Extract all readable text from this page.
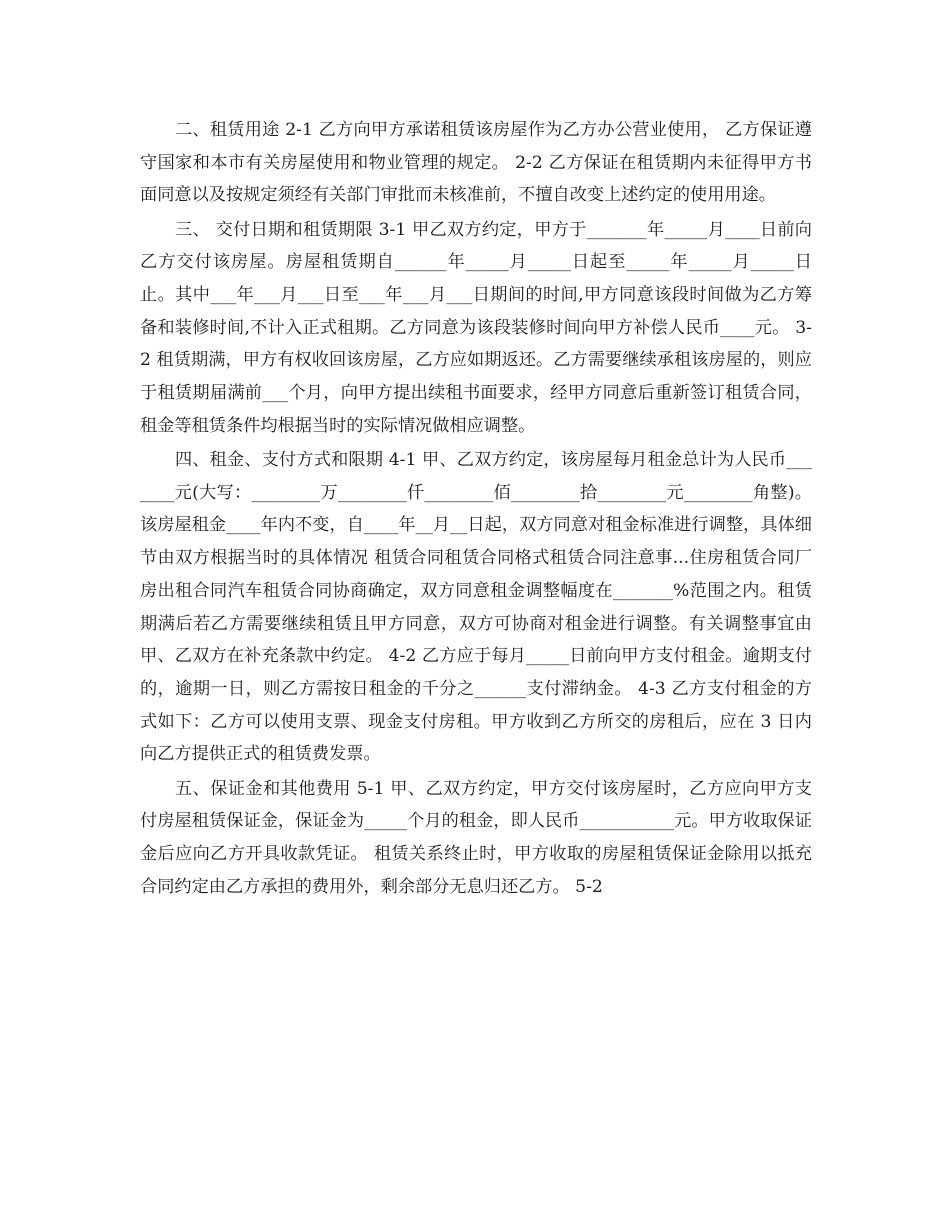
二、租赁用途 2-1 乙方向甲方承诺租赁该房屋作为乙方办公营业使用， 乙方保证遵守国家和本市有关房屋使用和物业管理的规定。 2-2 乙方保证在租赁期内未征得甲方书面同意以及按规定须经有关部门审批而未核准前，不擅自改变上述约定的使用用途。

三、 交付日期和租赁期限 3-1 甲乙双方约定，甲方于_______年_____月____日前向乙方交付该房屋。房屋租赁期自______年_____月_____日起至_____年_____月_____日止。其中___年___月___日至___年___月___日期间的时间,甲方同意该段时间做为乙方筹备和装修时间,不计入正式租期。乙方同意为该段装修时间向甲方补偿人民币____元。 3-2 租赁期满，甲方有权收回该房屋，乙方应如期返还。乙方需要继续承租该房屋的，则应于租赁期届满前___个月，向甲方提出续租书面要求，经甲方同意后重新签订租赁合同，租金等租赁条件均根据当时的实际情况做相应调整。

四、租金、支付方式和限期 4-1 甲、乙双方约定，该房屋每月租金总计为人民币_______元(大写：________万________仟________佰________拾________元________角整)。 该房屋租金____年内不变，自____年__月__日起，双方同意对租金标准进行调整，具体细节由双方根据当时的具体情况 租赁合同租赁合同格式租赁合同注意事...住房租赁合同厂房出租合同汽车租赁合同协商确定，双方同意租金调整幅度在_______%范围之内。租赁期满后若乙方需要继续租赁且甲方同意，双方可协商对租金进行调整。有关调整事宜由甲、乙双方在补充条款中约定。 4-2 乙方应于每月_____日前向甲方支付租金。逾期支付的，逾期一日，则乙方需按日租金的千分之______支付滞纳金。 4-3 乙方支付租金的方式如下：乙方可以使用支票、现金支付房租。甲方收到乙方所交的房租后，应在 3 日内向乙方提供正式的租赁费发票。

五、保证金和其他费用 5-1 甲、乙双方约定，甲方交付该房屋时，乙方应向甲方支付房屋租赁保证金，保证金为_____个月的租金，即人民币___________元。甲方收取保证金后应向乙方开具收款凭证。 租赁关系终止时，甲方收取的房屋租赁保证金除用以抵充合同约定由乙方承担的费用外，剩余部分无息归还乙方。 5-2
